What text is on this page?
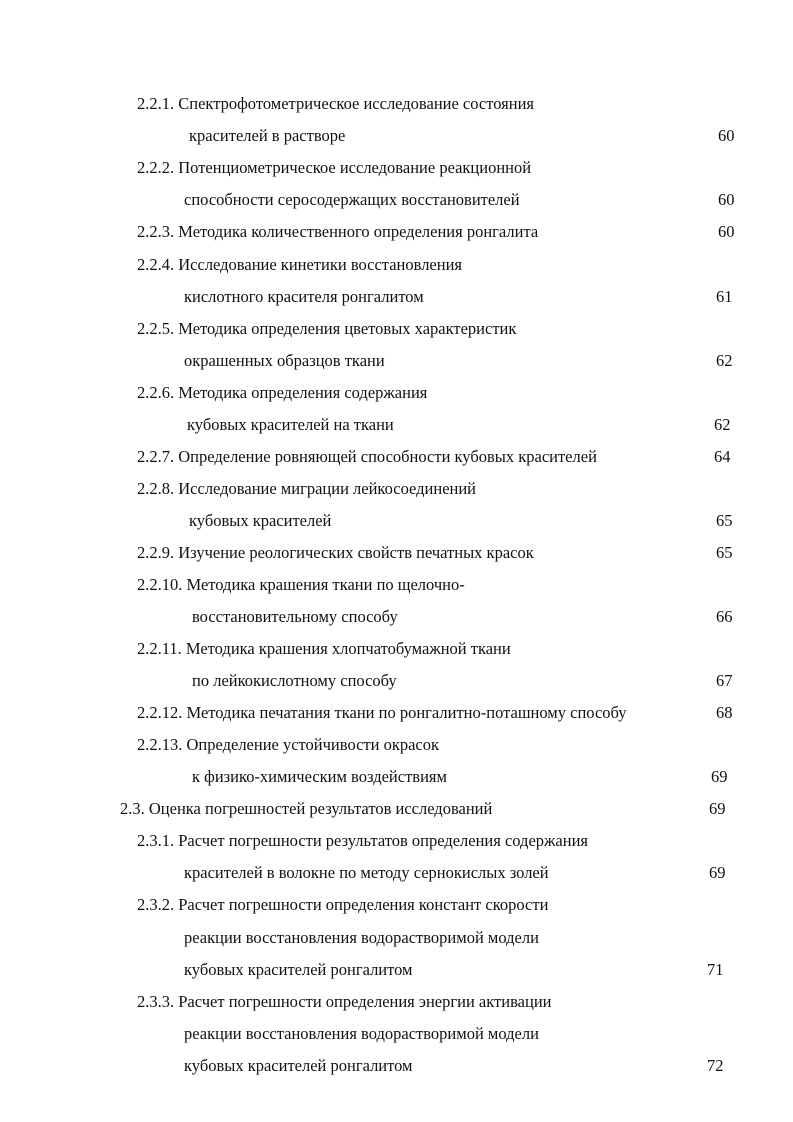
2.2.1. Спектрофотометрическое исследование состояния
красителей в растворе	60
2.2.2. Потенциометрическое исследование реакционной
способности серосодержащих восстановителей	60
2.2.3. Методика количественного определения ронгалита	60
2.2.4. Исследование кинетики восстановления
кислотного красителя ронгалитом	61
2.2.5. Методика определения цветовых характеристик
окрашенных образцов ткани	62
2.2.6. Методика определения содержания
кубовых красителей на ткани	62
2.2.7. Определение ровняющей способности кубовых красителей	64
2.2.8. Исследование миграции лейкосоединений
кубовых красителей	65
2.2.9. Изучение реологических свойств печатных красок	65
2.2.10. Методика крашения ткани по щелочно-
восстановительному способу	66
2.2.11. Методика крашения хлопчатобумажной ткани
по лейкокислотному способу	67
2.2.12. Методика печатания ткани по ронгалитно-поташному способу	68
2.2.13. Определение устойчивости окрасок
к физико-химическим воздействиям	69
2.3. Оценка погрешностей результатов исследований	69
2.3.1. Расчет погрешности результатов определения содержания
красителей в волокне по методу сернокислых золей	69
2.3.2. Расчет погрешности определения констант скорости
реакции восстановления водорастворимой модели
кубовых красителей ронгалитом	71
2.3.3. Расчет погрешности определения энергии активации
реакции восстановления водорастворимой модели
кубовых красителей ронгалитом	72
